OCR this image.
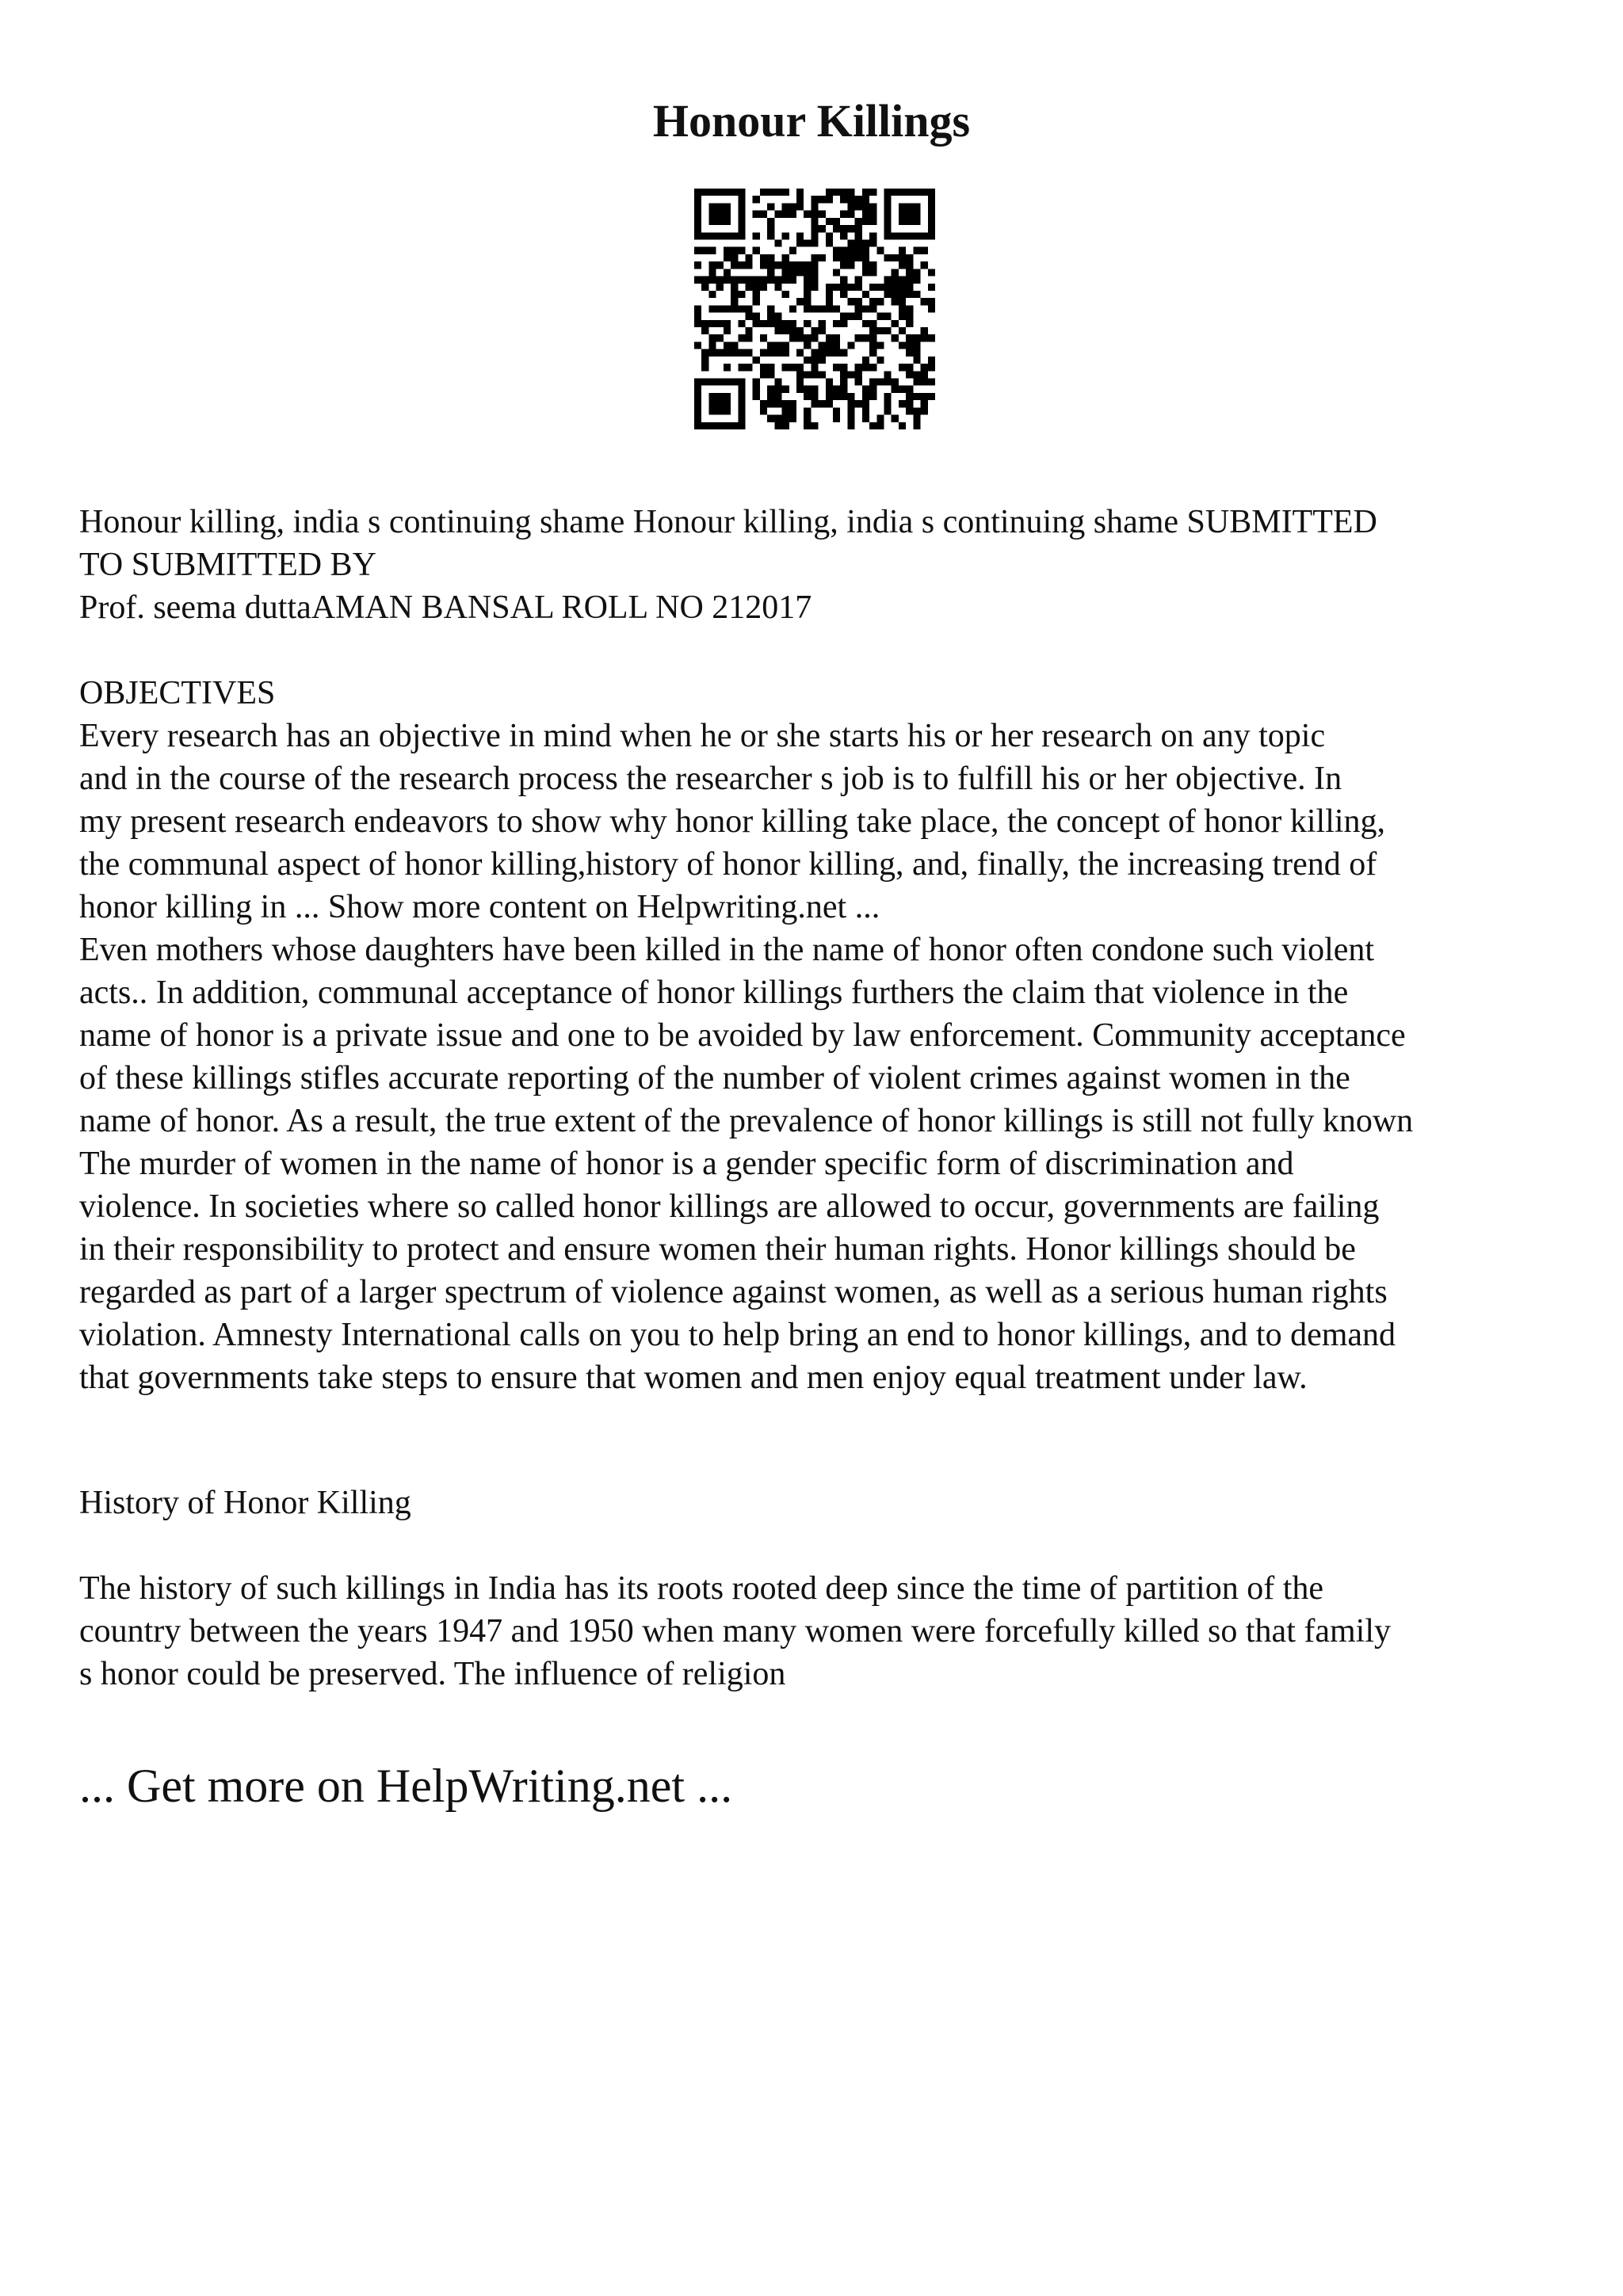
Honour Killings

Honour killing, india s continuing shame Honour killing, india s continuing shame SUBMITTED

TO SUBMITTED BY

Prof. seema duttaAMAN BANSAL ROLL NO 212017

OBJECTIVES

Every research has an objective in mind when he or she starts his or her research on any topic

and in the course of the research process the researcher s job is to fulfill his or her objective. In

my present research endeavors to show why honor killing take place, the concept of honor killing,

the communal aspect of honor killing,history of honor killing, and, finally, the increasing trend of

honor killing in ... Show more content on Helpwriting.net ...

Even mothers whose daughters have been killed in the name of honor often condone such violent

acts.. In addition, communal acceptance of honor killings furthers the claim that violence in the

name of honor is a private issue and one to be avoided by law enforcement. Community acceptance

of these killings stifles accurate reporting of the number of violent crimes against women in the

name of honor. As a result, the true extent of the prevalence of honor killings is still not fully known

The murder of women in the name of honor is a gender specific form of discrimination and

violence. In societies where so called honor killings are allowed to occur, governments are failing

in their responsibility to protect and ensure women their human rights. Honor killings should be

regarded as part of a larger spectrum of violence against women, as well as a serious human rights

violation. Amnesty International calls on you to help bring an end to honor killings, and to demand

that governments take steps to ensure that women and men enjoy equal treatment under law.

History of Honor Killing

The history of such killings in India has its roots rooted deep since the time of partition of the

country between the years 1947 and 1950 when many women were forcefully killed so that family

s honor could be preserved. The influence of religion

... Get more on HelpWriting.net ...
